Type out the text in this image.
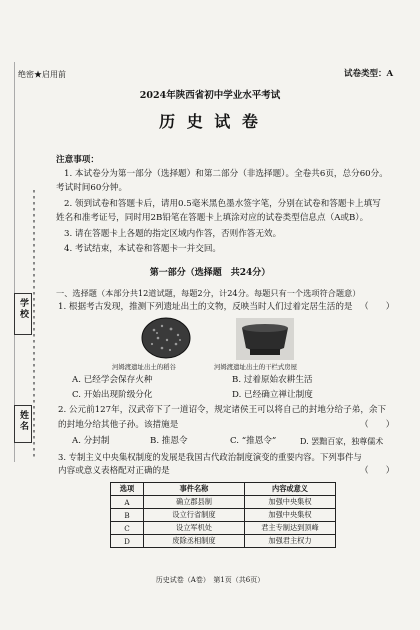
绝密★启用前	试卷类型：A
2024年陕西省初中学业水平考试
历 史 试 卷
学校
姓名
注意事项：
1. 本试卷分为第一部分（选择题）和第二部分（非选择题）。全卷共6页，总分60分。
考试时间60分钟。
2. 领到试卷和答题卡后，请用0.5毫米黑色墨水签字笔，分别在试卷和答题卡上填写
姓名和准考证号，同时用2B铅笔在答题卡上填涂对应的试卷类型信息点（A或B）。
3. 请在答题卡上各题的指定区域内作答，否则作答无效。
4. 考试结束，本试卷和答题卡一并交回。
第一部分（选择题　共24分）
一、选择题（本部分共12道试题，每题2分，计24分。每题只有一个选项符合题意）
1. 根据考古发现，推测下列遗址出土的文物，反映当时人们过着定居生活的是 （　　）
河姆渡遗址出土的稻谷	河姆渡遗址出土的干栏式房屋
A. 已经学会保存火种	B. 过着原始农耕生活
C. 开始出现阶级分化	D. 已经确立禅让制度
2. 公元前127年，汉武帝下了一道诏令，规定诸侯王可以将自己的封地分给子弟，余下
的封地分给其他子孙。该措施是	（　　）
A. 分封制	B. 推恩令	C. “推恩令”	D. 罢黜百家，独尊儒术
3. 专制主义中央集权制度的发展是我国古代政治制度演变的重要内容。下列事件与
内容或意义表格配对正确的是	（　　）
选项	事件名称	内容或意义
A	确立郡县制	加强中央集权
B	设立行省制度	加强中央集权
C	设立军机处	君主专制达到顶峰
D	废除丞相制度	加强君主权力
历史试卷（A卷）　第1页（共6页）
